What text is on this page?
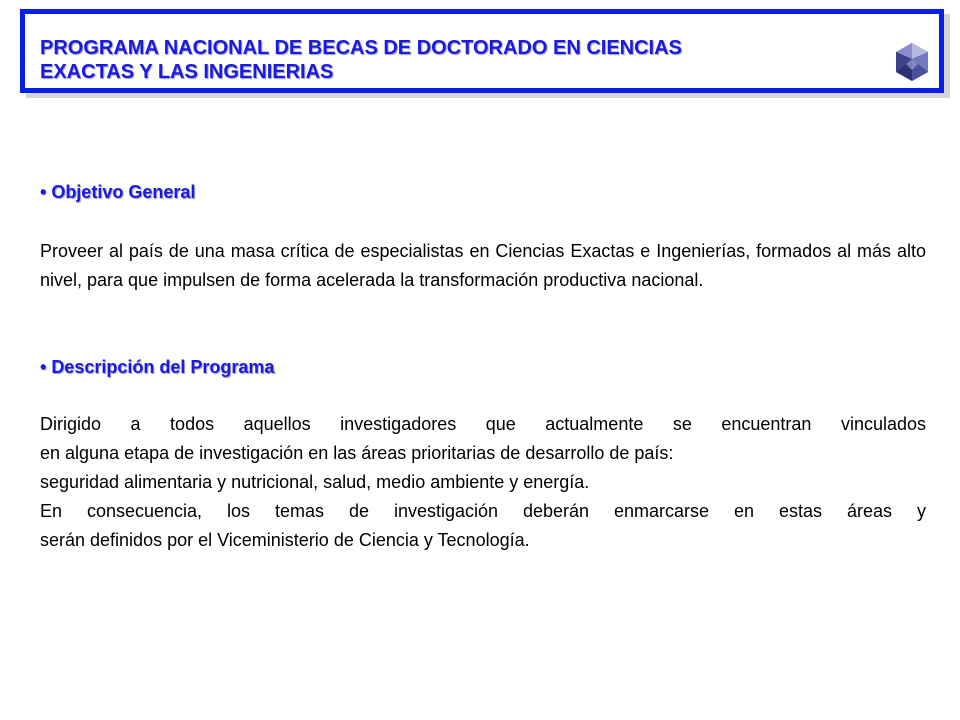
PROGRAMA NACIONAL DE BECAS DE DOCTORADO EN CIENCIAS
EXACTAS Y LAS INGENIERIAS
• Objetivo General

Proveer al país de una masa crítica de especialistas en Ciencias Exactas e Ingenierías, formados al más alto nivel, para que impulsen de forma acelerada la transformación productiva nacional.

• Descripción del Programa
Dirigido a todos aquellos investigadores que actualmente se encuentran vinculados
en alguna etapa de investigación en las áreas prioritarias de desarrollo de país:
seguridad alimentaria y nutricional, salud, medio ambiente y energía.
En consecuencia, los temas de investigación deberán enmarcarse en estas áreas y
serán definidos por el Viceministerio de Ciencia y Tecnología.
